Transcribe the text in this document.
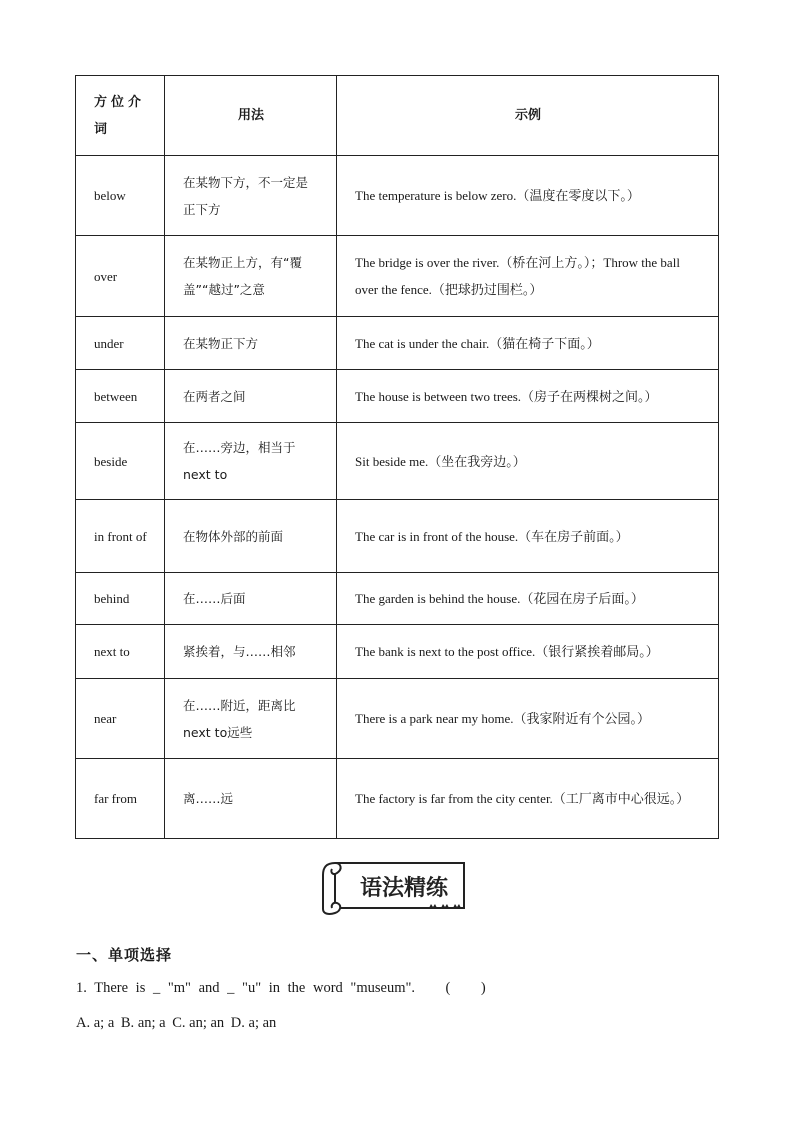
方位介词	用法	示例
below	在某物下方，不一定是正下方	The temperature is below zero.（温度在零度以下。）
over	在某物正上方，有“覆盖”“越过”之意	The bridge is over the river.（桥在河上方。）；Throw the ball over the fence.（把球扔过围栏。）
under	在某物正下方	The cat is under the chair.（猫在椅子下面。）
between	在两者之间	The house is between two trees.（房子在两棵树之间。）
beside	在……旁边，相当于next to	Sit beside me.（坐在我旁边。）
in front of	在物体外部的前面	The car is in front of the house.（车在房子前面。）
behind	在……后面	The garden is behind the house.（花园在房子后面。）
next to	紧挨着，与……相邻	The bank is next to the post office.（银行紧挨着邮局。）
near	在……附近，距离比next to远些	There is a park near my home.（我家附近有个公园。）
far from	离……远	The factory is far from the city center.（工厂离市中心很远。）
语法精练
一、单项选择
1. There is _ "m" and _ "u" in the word "museum". (    )
A. a; a B. an; a C. an; an D. a; an
